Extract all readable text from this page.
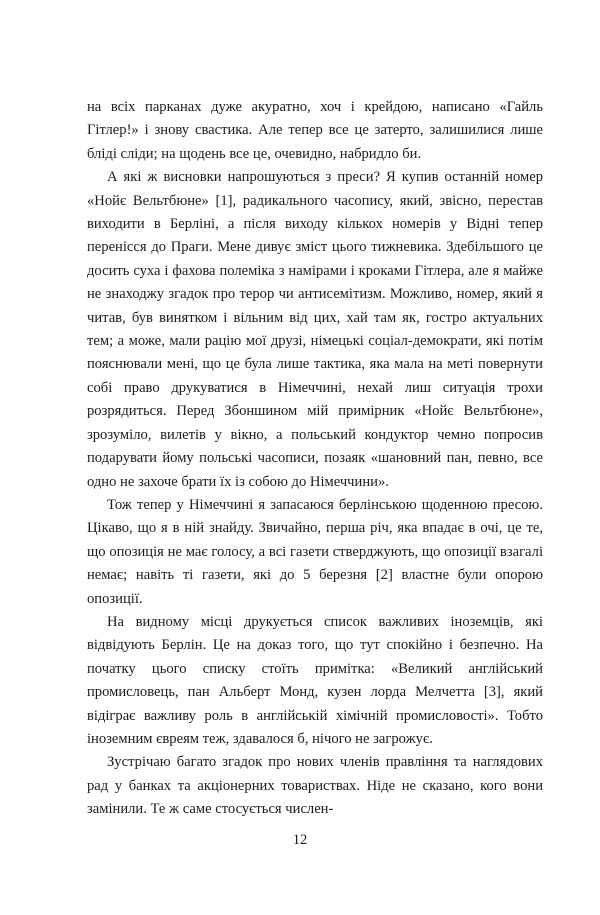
на всіх парканах дуже акуратно, хоч і крейдою, написано «Гайль Гітлер!» і знову свастика. Але тепер все це затерто, залишилися лише бліді сліди; на щодень все це, очевидно, набридло би.

А які ж висновки напрошуються з преси? Я купив останній номер «Нойє Вельтбюне» [1], радикального часопису, який, звісно, перестав виходити в Берліні, а після виходу кількох номерів у Відні тепер перенісся до Праги. Мене дивує зміст цього тижневика. Здебільшого це досить суха і фахова полеміка з намірами і кроками Гітлера, але я майже не знаходжу згадок про терор чи антисемітизм. Можливо, номер, який я читав, був винятком і вільним від цих, хай там як, гостро актуальних тем; а може, мали рацію мої друзі, німецькі соціал-демократи, які потім пояснювали мені, що це була лише тактика, яка мала на меті повернути собі право друкуватися в Німеччині, нехай лиш ситуація трохи розрядиться. Перед Збоншином мій примірник «Нойє Вельтбюне», зрозуміло, вилетів у вікно, а польський кондуктор чемно попросив подарувати йому польські часописи, позаяк «шановний пан, певно, все одно не захоче брати їх із собою до Німеччини».

Тож тепер у Німеччині я запасаюся берлінською щоденною пресою. Цікаво, що я в ній знайду. Звичайно, перша річ, яка впадає в очі, це те, що опозиція не має голосу, а всі газети стверджують, що опозиції взагалі немає; навіть ті газети, які до 5 березня [2] властне були опорою опозиції.

На видному місці друкується список важливих іноземців, які відвідують Берлін. Це на доказ того, що тут спокійно і безпечно. На початку цього списку стоїть примітка: «Великий англійський промисловець, пан Альберт Монд, кузен лорда Мелчетта [3], який відіграє важливу роль в англійській хімічній промисловості». Тобто іноземним євреям теж, здавалося б, нічого не загрожує.

Зустрічаю багато згадок про нових членів правління та наглядових рад у банках та акціонерних товариствах. Ніде не сказано, кого вони замінили. Те ж саме стосується числен-

12
